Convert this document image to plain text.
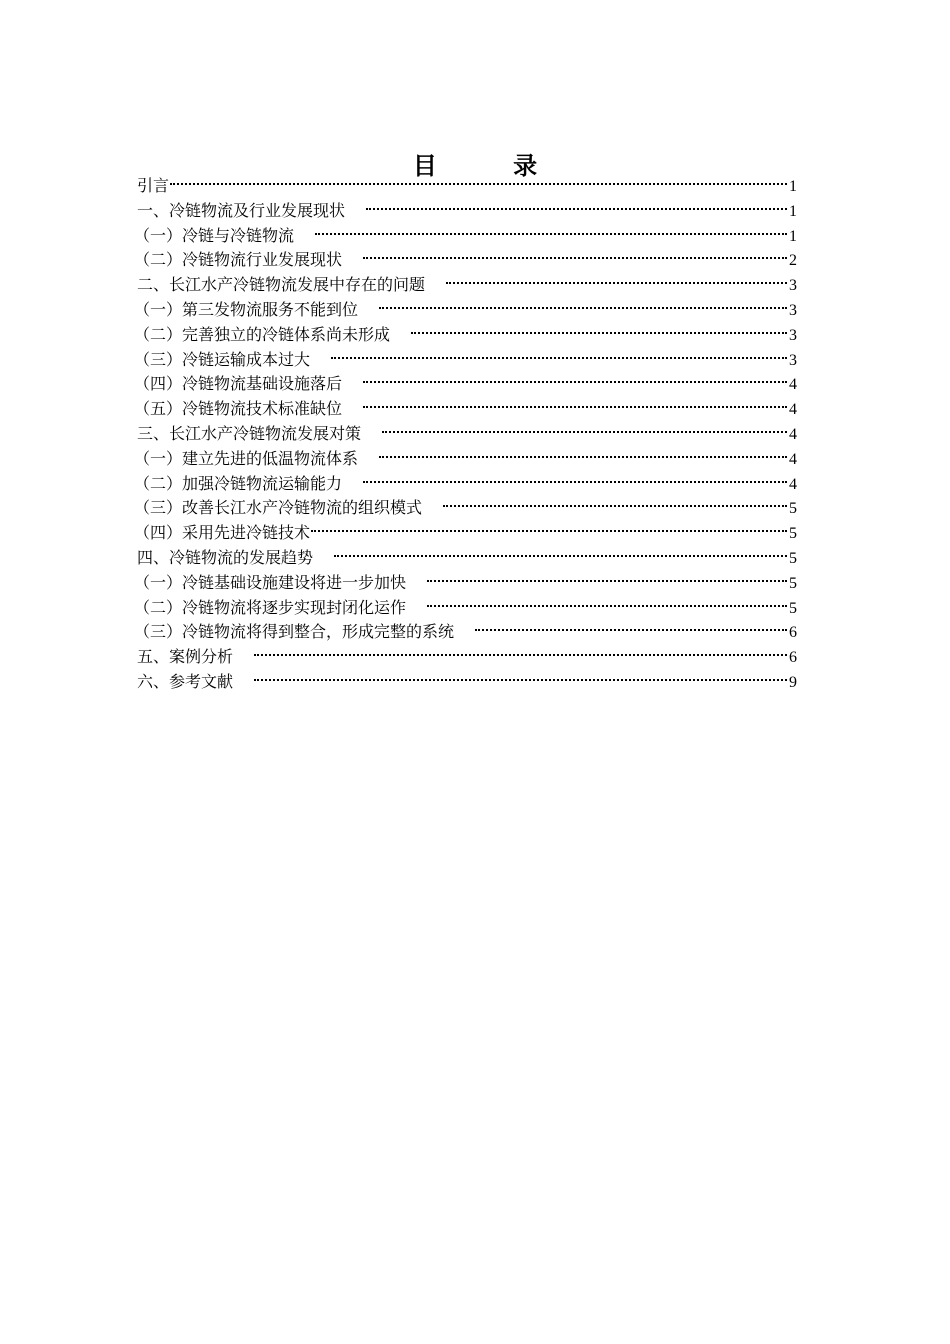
目 录
引言	1
一、冷链物流及行业发展现状	1
（一）冷链与冷链物流	1
（二）冷链物流行业发展现状	2
二、长江水产冷链物流发展中存在的问题	3
（一）第三发物流服务不能到位	3
（二）完善独立的冷链体系尚未形成	3
（三）冷链运输成本过大	3
（四）冷链物流基础设施落后	4
（五）冷链物流技术标准缺位	4
三、长江水产冷链物流发展对策	4
（一）建立先进的低温物流体系	4
（二）加强冷链物流运输能力	4
（三）改善长江水产冷链物流的组织模式	5
（四）采用先进冷链技术	5
四、冷链物流的发展趋势	5
（一）冷链基础设施建设将进一步加快	5
（二）冷链物流将逐步实现封闭化运作	5
（三）冷链物流将得到整合，形成完整的系统	6
五、案例分析	6
六、参考文献	9
